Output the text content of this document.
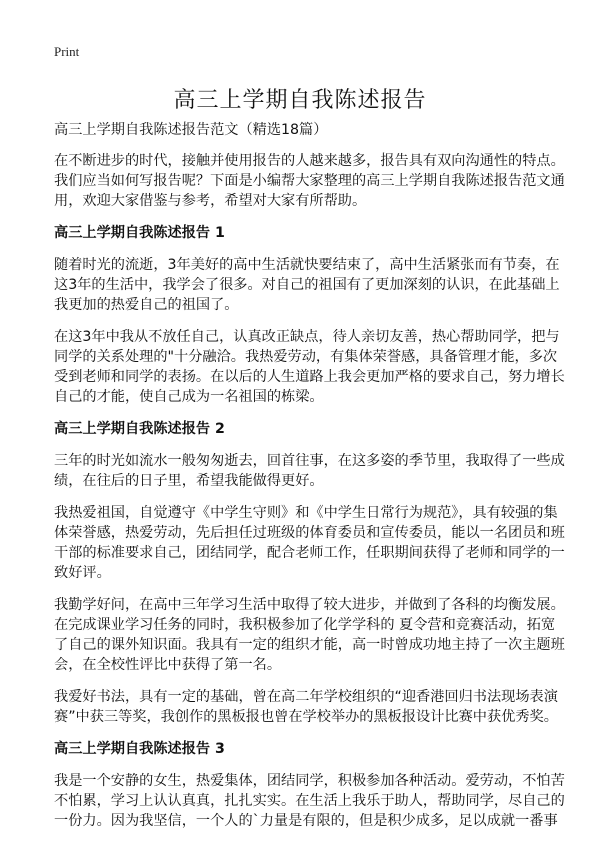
Print
高三上学期自我陈述报告
高三上学期自我陈述报告范文（精选18篇）
在不断进步的时代，接触并使用报告的人越来越多，报告具有双向沟通性的特点。
我们应当如何写报告呢？下面是小编帮大家整理的高三上学期自我陈述报告范文通
用，欢迎大家借鉴与参考，希望对大家有所帮助。
高三上学期自我陈述报告 1
随着时光的流逝，3年美好的高中生活就快要结束了，高中生活紧张而有节奏，在
这3年的生活中，我学会了很多。对自己的祖国有了更加深刻的认识，在此基础上
我更加的热爱自己的祖国了。
在这3年中我从不放任自己，认真改正缺点，待人亲切友善，热心帮助同学，把与
同学的关系处理的"十分融洽。我热爱劳动，有集体荣誉感，具备管理才能，多次
受到老师和同学的表扬。在以后的人生道路上我会更加严格的要求自己，努力增长
自己的才能，使自己成为一名祖国的栋梁。
高三上学期自我陈述报告 2
三年的时光如流水一般匆匆逝去，回首往事，在这多姿的季节里，我取得了一些成
绩，在往后的日子里，希望我能做得更好。
我热爱祖国，自觉遵守《中学生守则》和《中学生日常行为规范》，具有较强的集
体荣誉感，热爱劳动，先后担任过班级的体育委员和宣传委员，能以一名团员和班
干部的标准要求自己，团结同学，配合老师工作，任职期间获得了老师和同学的一
致好评。
我勤学好问，在高中三年学习生活中取得了较大进步，并做到了各科的均衡发展。
在完成课业学习任务的同时，我积极参加了化学学科的 夏令营和竞赛活动，拓宽
了自己的课外知识面。我具有一定的组织才能，高一时曾成功地主持了一次主题班
会，在全校性评比中获得了第一名。
我爱好书法，具有一定的基础，曾在高二年学校组织的“迎香港回归书法现场表演
赛”中获三等奖，我创作的黑板报也曾在学校举办的黑板报设计比赛中获优秀奖。
高三上学期自我陈述报告 3
我是一个安静的女生，热爱集体，团结同学，积极参加各种活动。爱劳动，不怕苦
不怕累，学习上认认真真，扎扎实实。在生活上我乐于助人，帮助同学，尽自己的
一份力。因为我坚信，一个人的`力量是有限的，但是积少成多，足以成就一番事
